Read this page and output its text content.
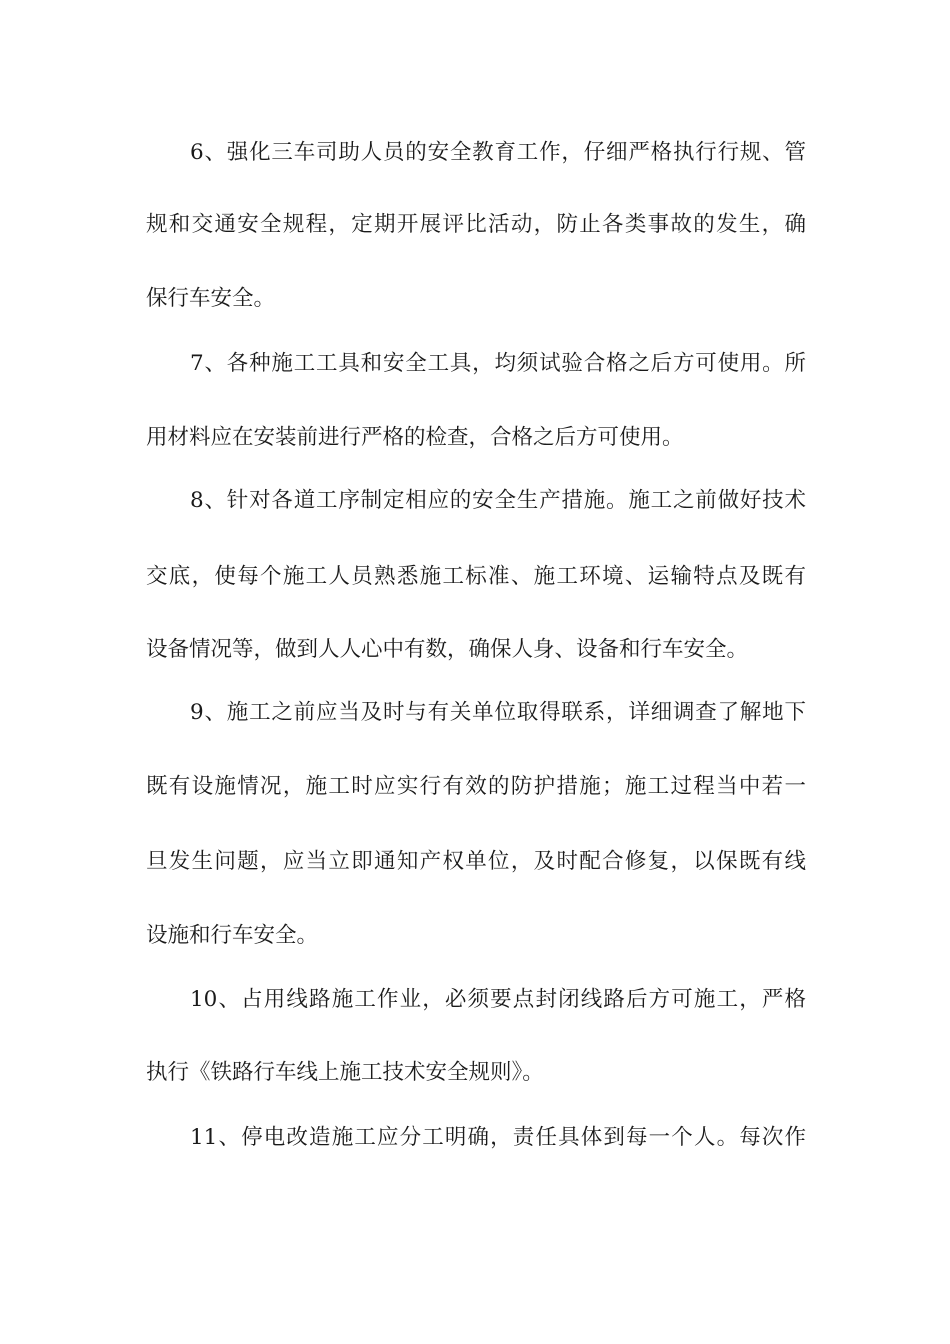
6、强化三车司助人员的安全教育工作，仔细严格执行行规、管
规和交通安全规程，定期开展评比活动，防止各类事故的发生，确
保行车安全。
7、各种施工工具和安全工具，均须试验合格之后方可使用。所
用材料应在安装前进行严格的检查，合格之后方可使用。
8、针对各道工序制定相应的安全生产措施。施工之前做好技术
交底，使每个施工人员熟悉施工标准、施工环境、运输特点及既有
设备情况等，做到人人心中有数，确保人身、设备和行车安全。
9、施工之前应当及时与有关单位取得联系，详细调查了解地下
既有设施情况，施工时应实行有效的防护措施；施工过程当中若一
旦发生问题，应当立即通知产权单位，及时配合修复，以保既有线
设施和行车安全。
10、占用线路施工作业，必须要点封闭线路后方可施工，严格
执行《铁路行车线上施工技术安全规则》。
11、停电改造施工应分工明确，责任具体到每一个人。每次作
